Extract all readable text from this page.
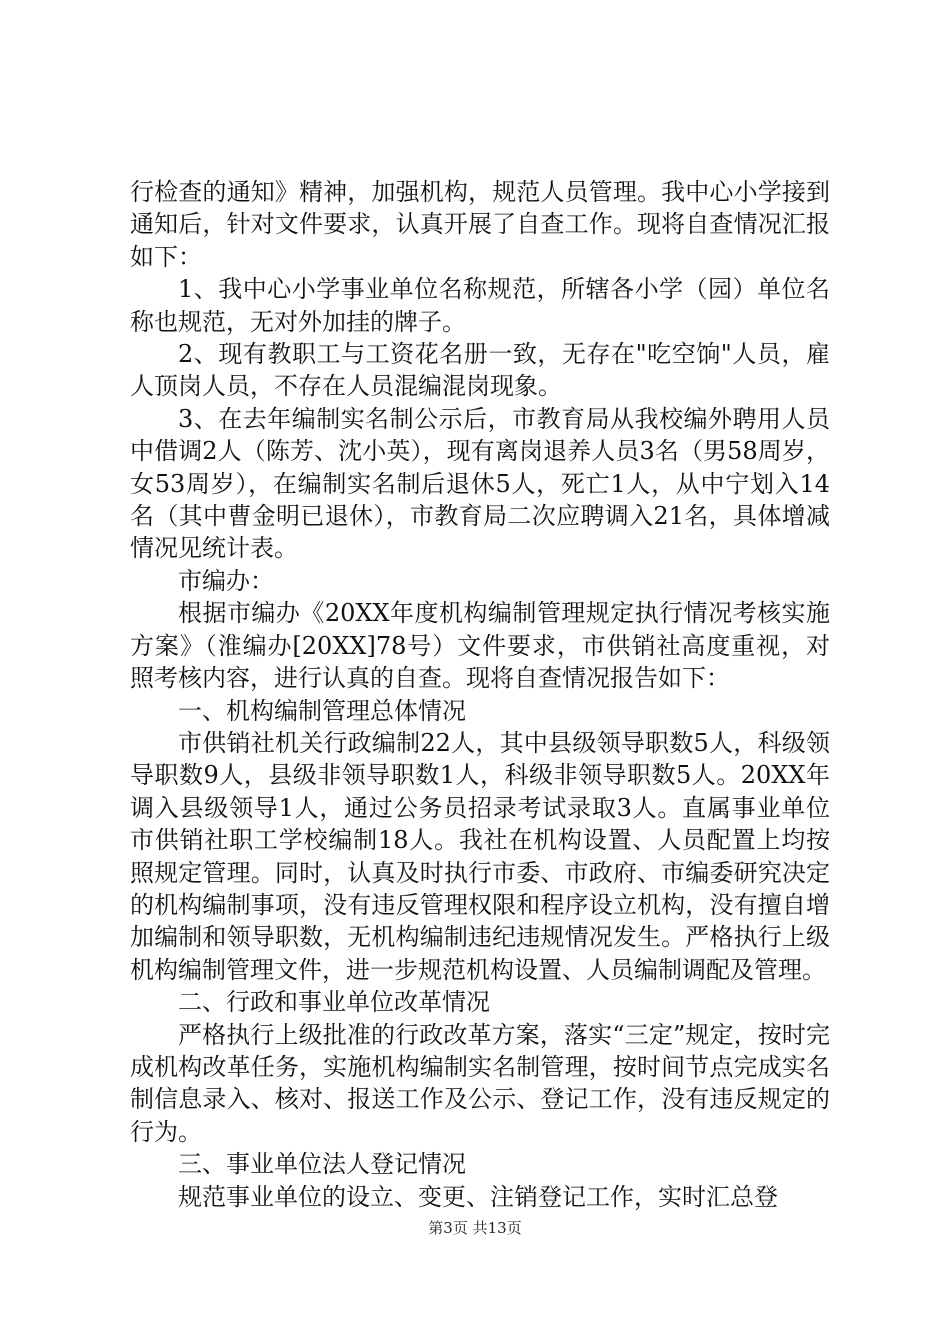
行检查的通知》精神，加强机构，规范人员管理。我中心小学接到通知后，针对文件要求，认真开展了自查工作。现将自查情况汇报如下：

1、我中心小学事业单位名称规范，所辖各小学（园）单位名称也规范，无对外加挂的牌子。

2、现有教职工与工资花名册一致，无存在"吃空饷"人员，雇人顶岗人员，不存在人员混编混岗现象。

3、在去年编制实名制公示后，市教育局从我校编外聘用人员中借调2人（陈芳、沈小英），现有离岗退养人员3名（男58周岁，女53周岁），在编制实名制后退休5人，死亡1人，从中宁划入14名（其中曹金明已退休），市教育局二次应聘调入21名，具体增减情况见统计表。

市编办：

根据市编办《20XX年度机构编制管理规定执行情况考核实施方案》（淮编办[20XX]78号）文件要求，市供销社高度重视，对照考核内容，进行认真的自查。现将自查情况报告如下：

一、机构编制管理总体情况

市供销社机关行政编制22人，其中县级领导职数5人，科级领导职数9人，县级非领导职数1人，科级非领导职数5人。20XX年调入县级领导1人，通过公务员招录考试录取3人。直属事业单位市供销社职工学校编制18人。我社在机构设置、人员配置上均按照规定管理。同时，认真及时执行市委、市政府、市编委研究决定的机构编制事项，没有违反管理权限和程序设立机构，没有擅自增加编制和领导职数，无机构编制违纪违规情况发生。严格执行上级机构编制管理文件，进一步规范机构设置、人员编制调配及管理。

二、行政和事业单位改革情况

严格执行上级批准的行政改革方案，落实“三定”规定，按时完成机构改革任务，实施机构编制实名制管理，按时间节点完成实名制信息录入、核对、报送工作及公示、登记工作，没有违反规定的行为。

三、事业单位法人登记情况

规范事业单位的设立、变更、注销登记工作，实时汇总登

第3页 共13页
